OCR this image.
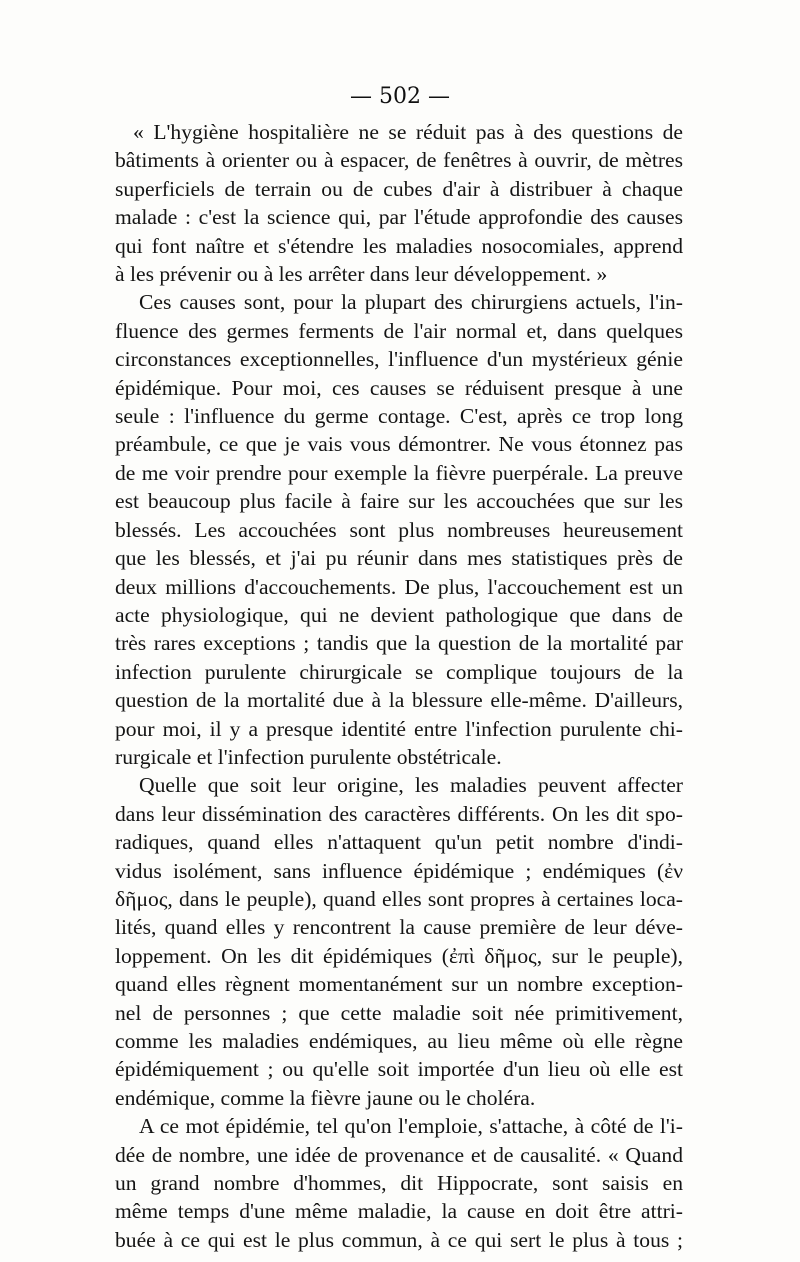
— 502 —
« L'hygiène hospitalière ne se réduit pas à des questions de
bâtiments à orienter ou à espacer, de fenêtres à ouvrir, de mètres
superficiels de terrain ou de cubes d'air à distribuer à chaque
malade : c'est la science qui, par l'étude approfondie des causes
qui font naître et s'étendre les maladies nosocomiales, apprend
à les prévenir ou à les arrêter dans leur développement. »
Ces causes sont, pour la plupart des chirurgiens actuels, l'in-
fluence des germes ferments de l'air normal et, dans quelques
circonstances exceptionnelles, l'influence d'un mystérieux génie
épidémique. Pour moi, ces causes se réduisent presque à une
seule : l'influence du germe contage. C'est, après ce trop long
préambule, ce que je vais vous démontrer. Ne vous étonnez pas
de me voir prendre pour exemple la fièvre puerpérale. La preuve
est beaucoup plus facile à faire sur les accouchées que sur les
blessés. Les accouchées sont plus nombreuses heureusement
que les blessés, et j'ai pu réunir dans mes statistiques près de
deux millions d'accouchements. De plus, l'accouchement est un
acte physiologique, qui ne devient pathologique que dans de
très rares exceptions ; tandis que la question de la mortalité par
infection purulente chirurgicale se complique toujours de la
question de la mortalité due à la blessure elle-même. D'ailleurs,
pour moi, il y a presque identité entre l'infection purulente chi-
rurgicale et l'infection purulente obstétricale.
Quelle que soit leur origine, les maladies peuvent affecter
dans leur dissémination des caractères différents. On les dit spo-
radiques, quand elles n'attaquent qu'un petit nombre d'indi-
vidus isolément, sans influence épidémique ; endémiques (ἐν
δῆμος, dans le peuple), quand elles sont propres à certaines loca-
lités, quand elles y rencontrent la cause première de leur déve-
loppement. On les dit épidémiques (ἐπὶ δῆμος, sur le peuple),
quand elles règnent momentanément sur un nombre exception-
nel de personnes ; que cette maladie soit née primitivement,
comme les maladies endémiques, au lieu même où elle règne
épidémiquement ; ou qu'elle soit importée d'un lieu où elle est
endémique, comme la fièvre jaune ou le choléra.
A ce mot épidémie, tel qu'on l'emploie, s'attache, à côté de l'i-
dée de nombre, une idée de provenance et de causalité. « Quand
un grand nombre d'hommes, dit Hippocrate, sont saisis en
même temps d'une même maladie, la cause en doit être attri-
buée à ce qui est le plus commun, à ce qui sert le plus à tous ;
